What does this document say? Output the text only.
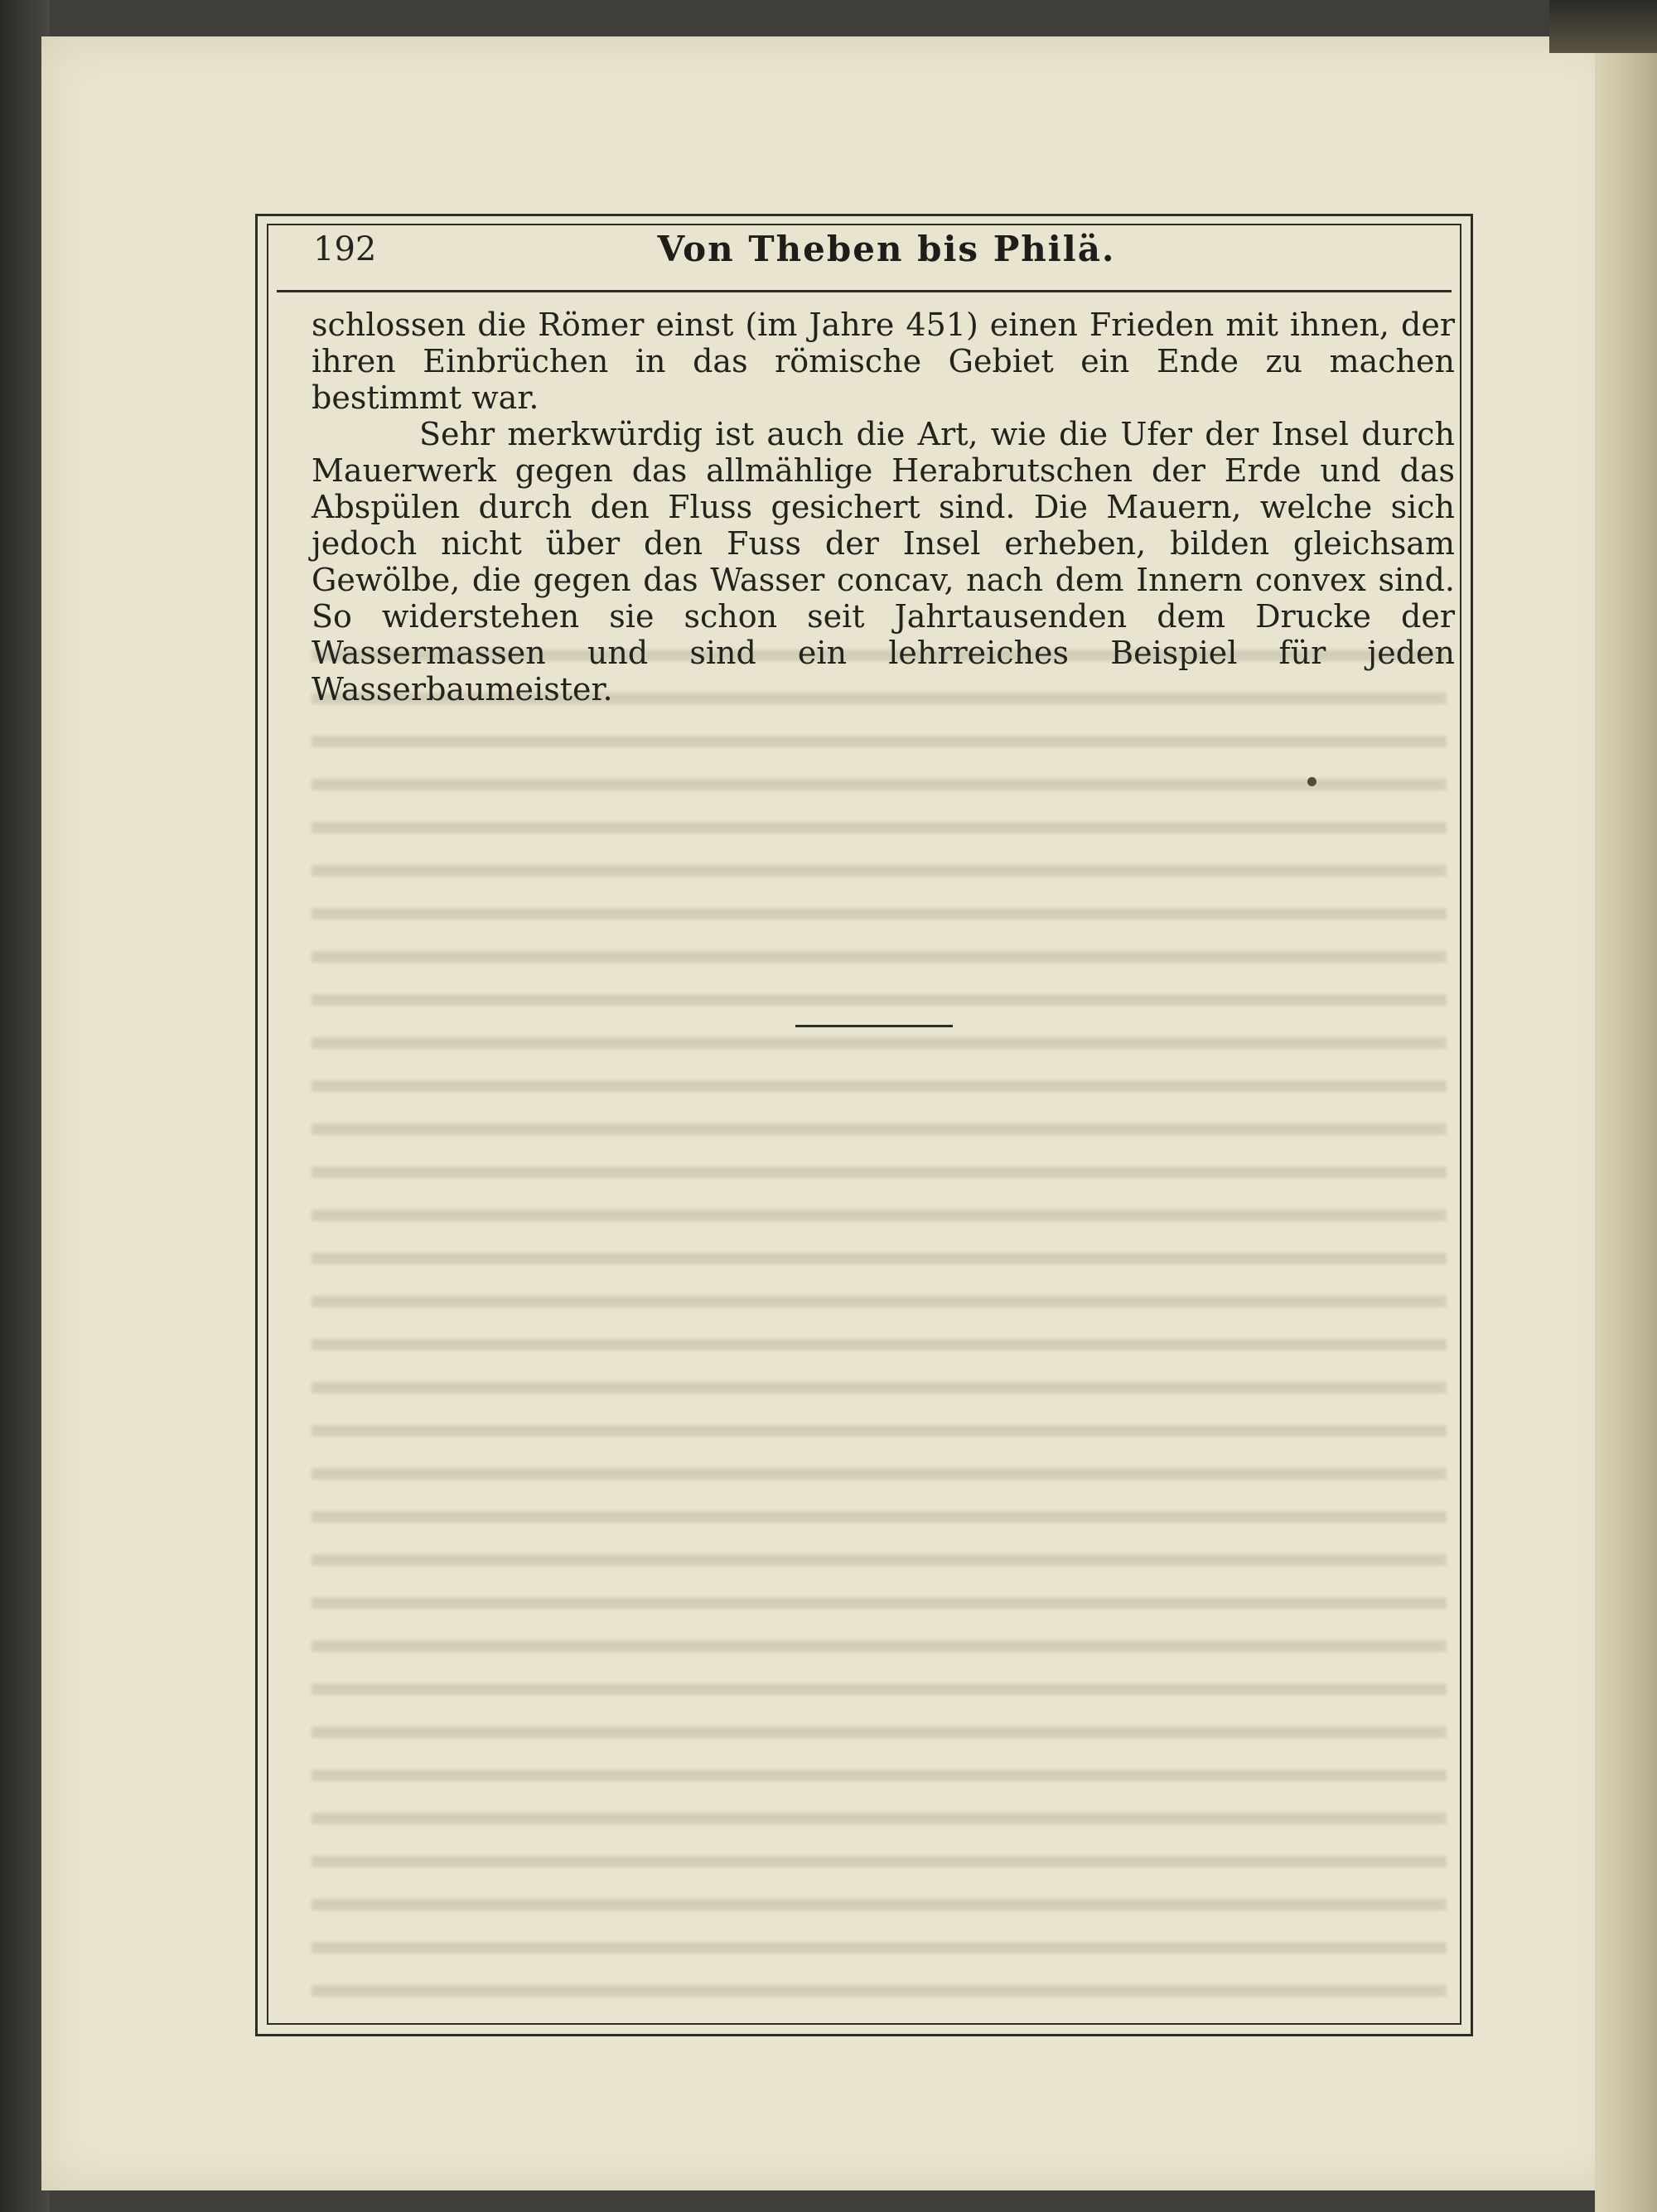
192	Von Theben bis Philä.

schlossen die Römer einst (im Jahre 451) einen Frieden mit ihnen, der ihren Einbrüchen in das römische Gebiet ein Ende zu machen bestimmt war.

Sehr merkwürdig ist auch die Art, wie die Ufer der Insel durch Mauerwerk gegen das allmählige Herabrutschen der Erde und das Abspülen durch den Fluss gesichert sind. Die Mauern, welche sich jedoch nicht über den Fuss der Insel erheben, bilden gleichsam Gewölbe, die gegen das Wasser concav, nach dem Innern convex sind. So widerstehen sie schon seit Jahrtausenden dem Drucke der Wassermassen und sind ein lehrreiches Beispiel für jeden Wasserbaumeister.
